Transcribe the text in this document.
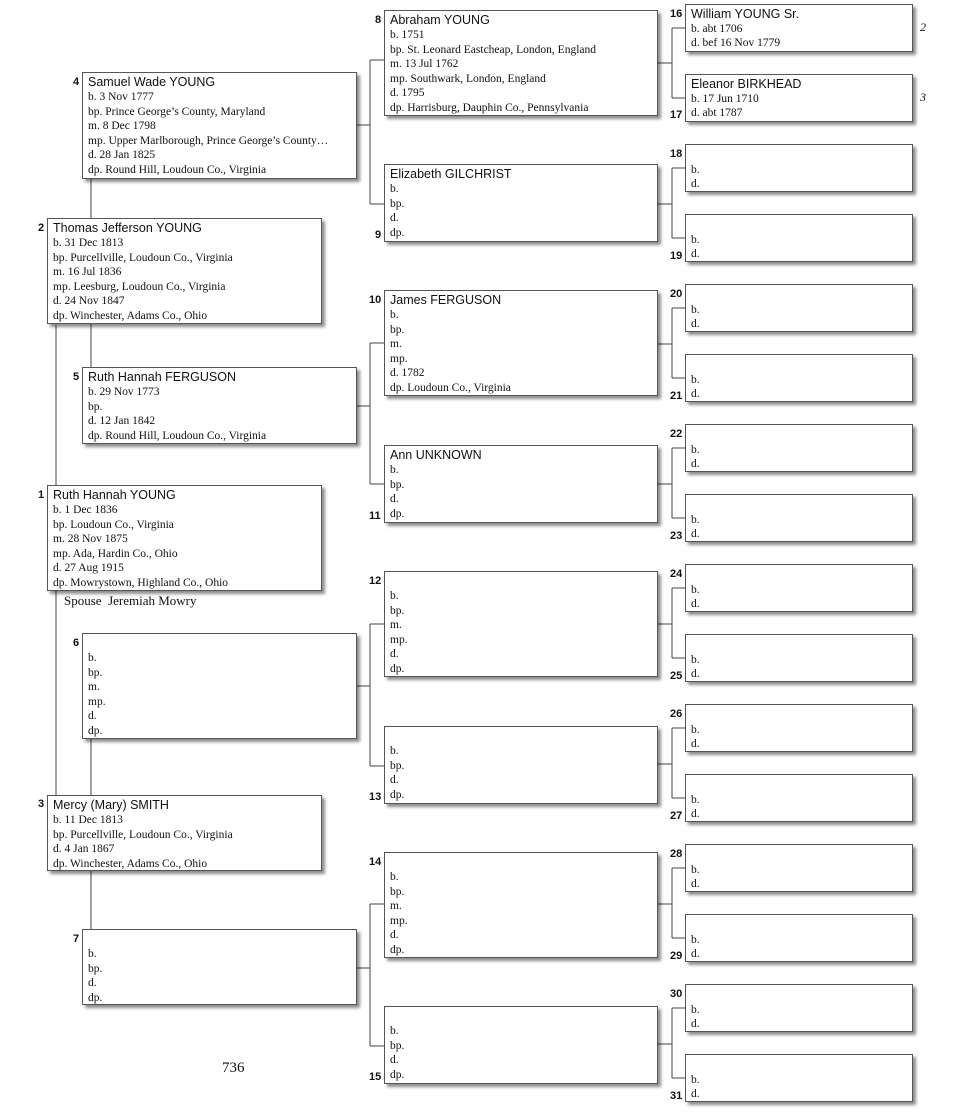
1 Ruth Hannah YOUNG
b. 1 Dec 1836
bp. Loudoun Co., Virginia
m. 28 Nov 1875
mp. Ada, Hardin Co., Ohio
d. 27 Aug 1915
dp. Mowrystown, Highland Co., Ohio
Spouse Jeremiah Mowry
2 Thomas Jefferson YOUNG
b. 31 Dec 1813
bp. Purcellville, Loudoun Co., Virginia
m. 16 Jul 1836
mp. Leesburg, Loudoun Co., Virginia
d. 24 Nov 1847
dp. Winchester, Adams Co., Ohio
3 Mercy (Mary) SMITH
b. 11 Dec 1813
bp. Purcellville, Loudoun Co., Virginia
d. 4 Jan 1867
dp. Winchester, Adams Co., Ohio
4 Samuel Wade YOUNG
b. 3 Nov 1777
bp. Prince George’s County, Maryland
m. 8 Dec 1798
mp. Upper Marlborough, Prince George’s County…
d. 28 Jan 1825
dp. Round Hill, Loudoun Co., Virginia
5 Ruth Hannah FERGUSON
b. 29 Nov 1773
bp.
d. 12 Jan 1842
dp. Round Hill, Loudoun Co., Virginia
6
b.
bp.
m.
mp.
d.
dp.
7
b.
bp.
d.
dp.
8 Abraham YOUNG
b. 1751
bp. St. Leonard Eastcheap, London, England
m. 13 Jul 1762
mp. Southwark, London, England
d. 1795
dp. Harrisburg, Dauphin Co., Pennsylvania
9
Elizabeth GILCHRIST
b.
bp.
d.
dp.
10 James FERGUSON
b.
bp.
m.
mp.
d. 1782
dp. Loudoun Co., Virginia
11
Ann UNKNOWN
b.
bp.
d.
dp.
12
b.
bp.
m.
mp.
d.
dp.
13
b.
bp.
d.
dp.
14
b.
bp.
m.
mp.
d.
dp.
15
b.
bp.
d.
dp.
16 William YOUNG Sr.
b. abt 1706
d. bef 16 Nov 1779
2
17
Eleanor BIRKHEAD
b. 17 Jun 1710
d. abt 1787
3
18
b.
d.
19
b.
d.
20
b.
d.
21
b.
d.
22
b.
d.
23
b.
d.
24
b.
d.
25
b.
d.
26
b.
d.
27
b.
d.
28
b.
d.
29
b.
d.
30
b.
d.
31
b.
d.
736
